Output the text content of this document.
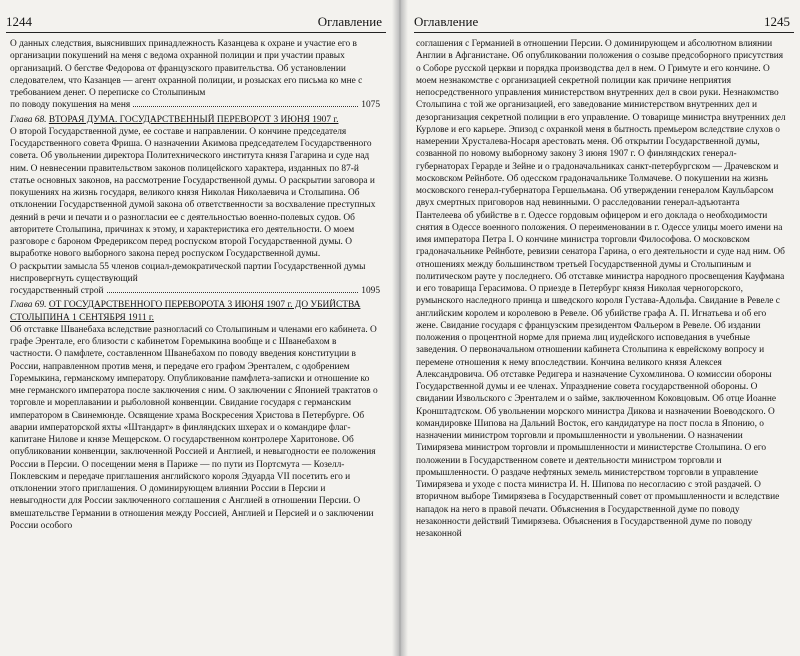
1244	Оглавление

О данных следствия, выяснивших принадлежность Казанцева к охране и участие его в организации покушений на меня с ведома охранной полиции и при участии правых организаций. О бегстве Федорова от французского правительства. Об установлении следователем, что Казанцев — агент охранной полиции, и розысках его письма ко мне с требованием денег. О переписке со Столыпиным

по поводу покушения на меня	1075

Глава 68. ВТОРАЯ ДУМА. ГОСУДАРСТВЕННЫЙ ПЕРЕВОРОТ 3 ИЮНЯ 1907 г.

О второй Государственной думе, ее составе и направлении. О кончине председателя Государственного совета Фриша. О назначении Акимова председателем Государственного совета. Об увольнении директора Политехнического института князя Гагарина и суде над ним. О невнесении правительством законов полицейского характера, изданных по 87-й статье основных законов, на рассмотрение Государственной думы. О раскрытии заговора и покушениях на жизнь государя, великого князя Николая Николаевича и Столыпина. Об отклонении Государственной думой закона об ответственности за восхваление преступных деяний в речи и печати и о разногласии ее с деятельностью военно-полевых судов. Об авторитете Столыпина, причинах к этому, и характеристика его деятельности. О моем разговоре с бароном Фредериксом перед роспуском второй Государственной думы. О выработке нового выборного закона перед роспуском Государственной думы.

О раскрытии замысла 55 членов социал-демократической партии Государственной думы ниспровергнуть существующий

государственный строй	1095

Глава 69. ОТ ГОСУДАРСТВЕННОГО ПЕРЕВОРОТА 3 ИЮНЯ 1907 г. ДО УБИЙСТВА СТОЛЫПИНА 1 СЕНТЯБРЯ 1911 г.

Об отставке Шванебаха вследствие разногласий со Столыпиным и членами его кабинета. О графе Эрентале, его близости с кабинетом Горемыкина вообще и с Шванебахом в частности. О памфлете, составленном Шванебахом по поводу введения конституции в России, направленном против меня, и передаче его графом Эренталем, с одобрением Горемыкина, германскому императору. Опубликование памфлета-записки и отношение ко мне германского императора после заключения с ним. О заключении с Японией трактатов о торговле и мореплавании и рыболовной конвенции. Свидание государя с германским императором в Свинемюнде. Освящение храма Воскресения Христова в Петербурге. Об аварии императорской яхты «Штандарт» в финляндских шхерах и о командире флаг-капитане Нилове и князе Мещерском. О государственном контролере Харитонове. Об опубликовании конвенции, заключенной Россией и Англией, и невыгодности ее положения России в Персии. О посещении меня в Париже — по пути из Портсмута — Козелл-Поклевским и передаче приглашения английского короля Эдуарда VII посетить его и отклонении этого приглашения. О доминирующем влиянии России в Персии и невыгодности для России заключенного соглашения с Англией в отношении Персии. О вмешательстве Германии в отношения между Россией, Англией и Персией и о заключении России особого

Оглавление	1245

соглашения с Германией в отношении Персии. О доминирующем и абсолютном влиянии Англии в Афганистане. Об опубликовании положения о созыве предсоборного присутствия о Соборе русской церкви и порядка производства дел в нем. О Гримуте и его кончине. О моем незнакомстве с организацией секретной полиции как причине неприятия непосредственного управления министерством внутренних дел в свои руки. Незнакомство Столыпина с той же организацией, его заведование министерством внутренних дел и дезорганизация секретной полиции в его управление. О товарище министра внутренних дел Курлове и его карьере. Эпизод с охранкой меня в бытность премьером вследствие слухов о намерении Хрусталева-Носаря арестовать меня. Об открытии Государственной думы, созванной по новому выборному закону 3 июня 1907 г. О финляндских генерал-губернаторах Герарде и Зейне и о градоначальниках санкт-петербургском — Драчевском и московском Рейнботе. Об одесском градоначальнике Толмачеве. О покушении на жизнь московского генерал-губернатора Гершельмана. Об утверждении генералом Каульбарсом двух смертных приговоров над невинными. О расследовании генерал-адъютанта Пантелеева об убийстве в г. Одессе гордовым офицером и его доклада о необходимости снятия в Одессе военного положения. О переименовании в г. Одессе улицы моего имени на имя императора Петра I. О кончине министра торговли Философова. О московском градоначальнике Рейнботе, ревизии сенатора Гарина, о его деятельности и суде над ним. Об отношениях между большинством третьей Государственной думы и Столыпиным и политическом рауте у последнего. Об отставке министра народного просвещения Кауфмана и его товарища Герасимова. О приезде в Петербург князя Николая черногорского, румынского наследного принца и шведского короля Густава-Адольфа. Свидание в Ревеле с английским королем и королевою в Ревеле. Об убийстве графа А. П. Игнатьева и об его жене. Свидание государя с французским президентом Фальером в Ревеле. Об издании положения о процентной норме для приема лиц иудейского исповедания в учебные заведения. О первоначальном отношении кабинета Столыпина к еврейскому вопросу и перемене отношения к нему впоследствии. Кончина великого князя Алексея Александровича. Об отставке Редигера и назначение Сухомлинова. О комиссии обороны Государственной думы и ее членах. Упразднение совета государственной обороны. О свидании Извольского с Эренталем и о займе, заключенном Коковцовым. Об отце Иоанне Кронштадтском. Об увольнении морского министра Дикова и назначении Воеводского. О командировке Шипова на Дальний Восток, его кандидатуре на пост посла в Японию, о назначении министром торговли и промышленности и увольнении. О назначении Тимирязева министром торговли и промышленности и министерстве Столыпина. О его положении в Государственном совете и деятельности министром торговли и промышленности. О раздаче нефтяных земель министерством торговли в управление Тимирязева и уходе с поста министра И. Н. Шипова по несогласию с этой раздачей. О вторичном выборе Тимирязева в Государственный совет от промышленности и вследствие нападок на него в правой печати. Объяснения в Государственной думе по поводу незаконности действий Тимирязева. Объяснения в Государственной думе по поводу незаконной
